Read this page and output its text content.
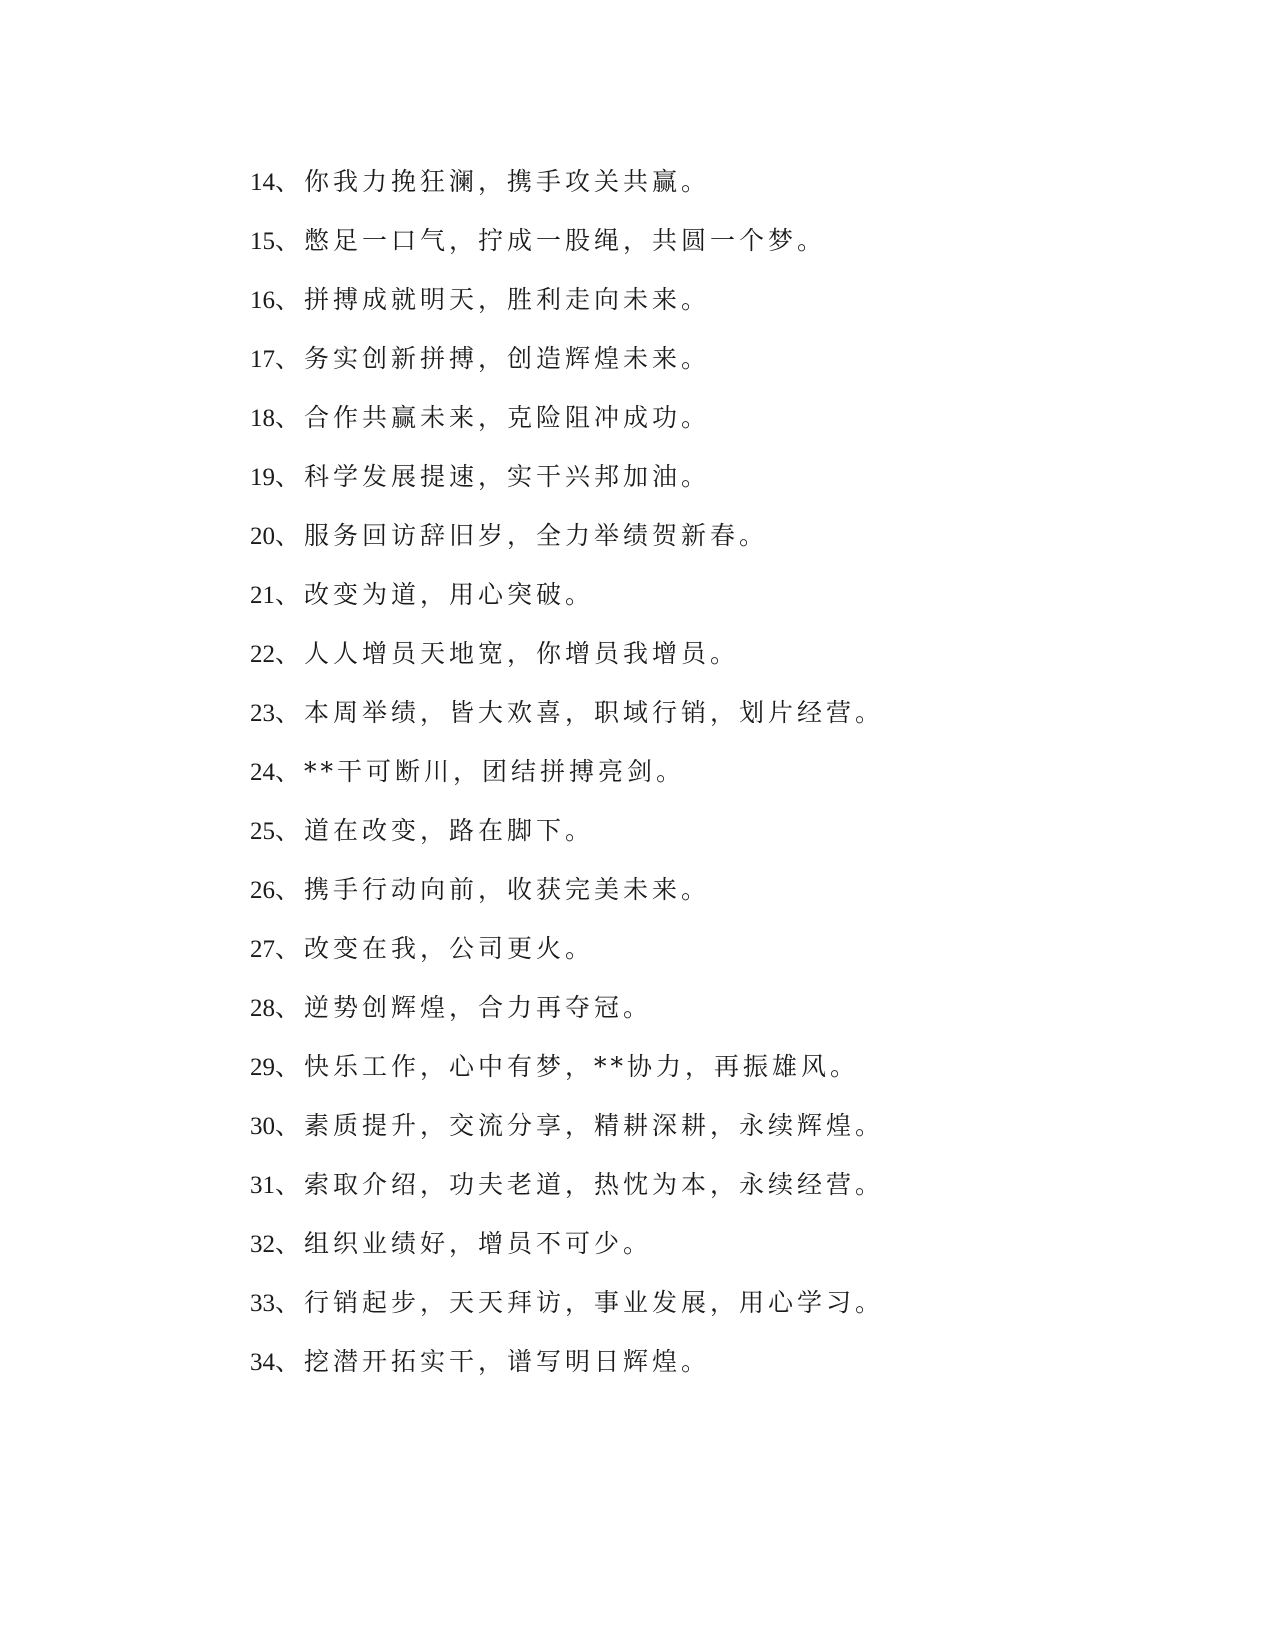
14、你我力挽狂澜，携手攻关共赢。
15、憋足一口气，拧成一股绳，共圆一个梦。
16、拼搏成就明天，胜利走向未来。
17、务实创新拼搏，创造辉煌未来。
18、合作共赢未来，克险阻冲成功。
19、科学发展提速，实干兴邦加油。
20、服务回访辞旧岁，全力举绩贺新春。
21、改变为道，用心突破。
22、人人增员天地宽，你增员我增员。
23、本周举绩，皆大欢喜，职域行销，划片经营。
24、**干可断川，团结拼搏亮剑。
25、道在改变，路在脚下。
26、携手行动向前，收获完美未来。
27、改变在我，公司更火。
28、逆势创辉煌，合力再夺冠。
29、快乐工作，心中有梦，**协力，再振雄风。
30、素质提升，交流分享，精耕深耕，永续辉煌。
31、索取介绍，功夫老道，热忱为本，永续经营。
32、组织业绩好，增员不可少。
33、行销起步，天天拜访，事业发展，用心学习。
34、挖潜开拓实干，谱写明日辉煌。
